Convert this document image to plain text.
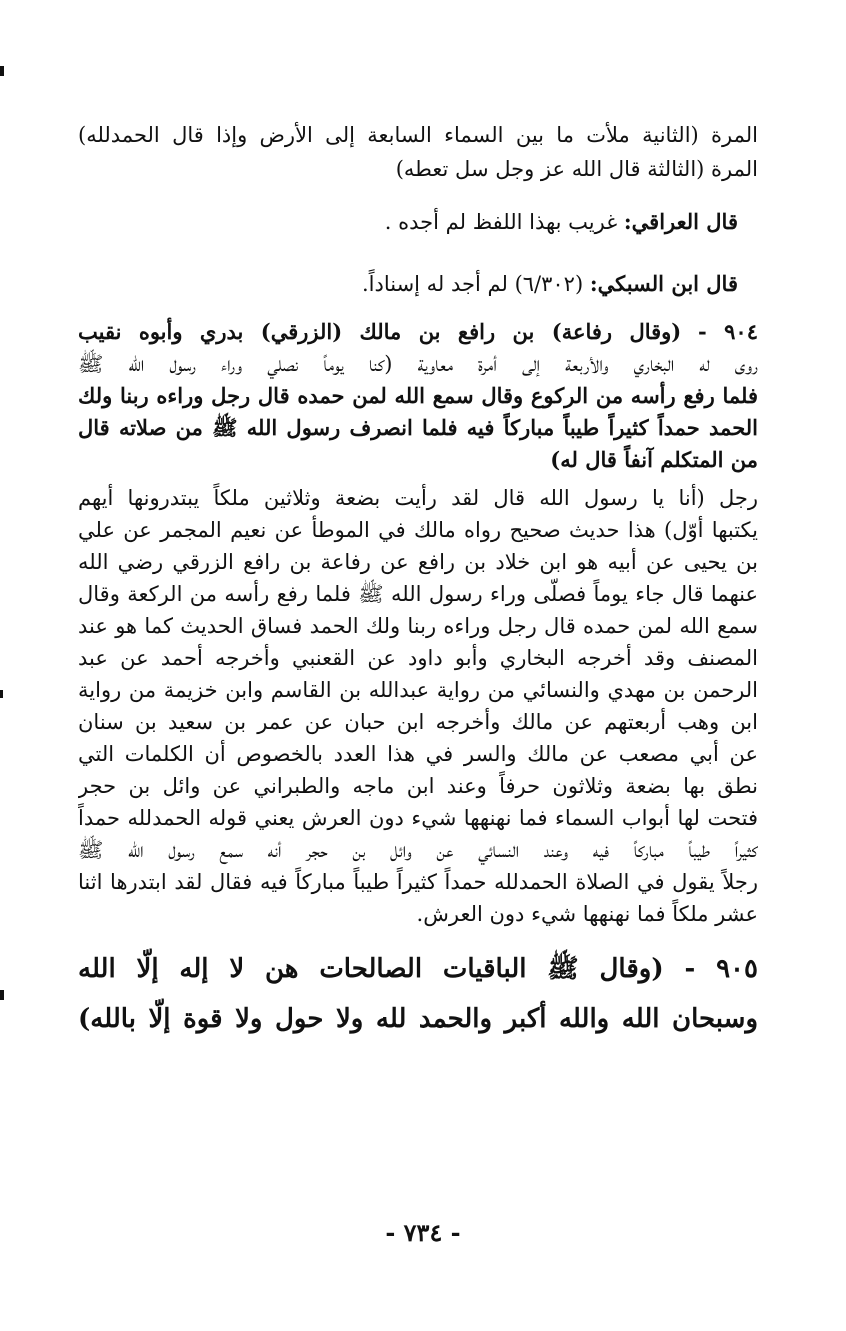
المرة (الثانية ملأت ما بين السماء السابعة إلى الأرض وإذا قال الحمدلله)
المرة (الثالثة قال الله عز وجل سل تعطه)
قال العراقي: غريب بهذا اللفظ لم أجده .
قال ابن السبكي: (٦/٣٠٢) لم أجد له إسناداً.
٩٠٤ - (وقال رفاعة) بن رافع بن مالك (الزرقي) بدري وأبوه نقيب
روى له البخاري والأربعة إلى أمرة معاوية (كنا يوماً نصلي وراء رسول الله ﷺ
فلما رفع رأسه من الركوع وقال سمع الله لمن حمده قال رجل وراءه ربنا ولك
الحمد حمداً كثيراً طيباً مباركاً فيه فلما انصرف رسول الله ﷺ من صلاته قال
من المتكلم آنفاً قال له)
رجل (أنا يا رسول الله قال لقد رأيت بضعة وثلاثين ملكاً يبتدرونها أيهم
يكتبها أوّل) هذا حديث صحيح رواه مالك في الموطأ عن نعيم المجمر عن علي
بن يحيى عن أبيه هو ابن خلاد بن رافع عن رفاعة بن رافع الزرقي رضي الله
عنهما قال جاء يوماً فصلّى وراء رسول الله ﷺ فلما رفع رأسه من الركعة وقال
سمع الله لمن حمده قال رجل وراءه ربنا ولك الحمد فساق الحديث كما هو عند
المصنف وقد أخرجه البخاري وأبو داود عن القعنبي وأخرجه أحمد عن عبد
الرحمن بن مهدي والنسائي من رواية عبدالله بن القاسم وابن خزيمة من رواية
ابن وهب أربعتهم عن مالك وأخرجه ابن حبان عن عمر بن سعيد بن سنان
عن أبي مصعب عن مالك والسر في هذا العدد بالخصوص أن الكلمات التي
نطق بها بضعة وثلاثون حرفاً وعند ابن ماجه والطبراني عن وائل بن حجر
فتحت لها أبواب السماء فما نهنهها شيء دون العرش يعني قوله الحمدلله حمداً
كثيراً طيباً مباركاً فيه وعند النسائي عن وائل بن حجر أنه سمع رسول الله ﷺ
رجلاً يقول في الصلاة الحمدلله حمداً كثيراً طيباً مباركاً فيه فقال لقد ابتدرها اثنا
عشر ملكاً فما نهنهها شيء دون العرش.
٩٠٥ - (وقال ﷺ الباقيات الصالحات هن لا إله إلّا الله
وسبحان الله والله أكبر والحمد لله ولا حول ولا قوة إلّا بالله)
- ٧٣٤ -
